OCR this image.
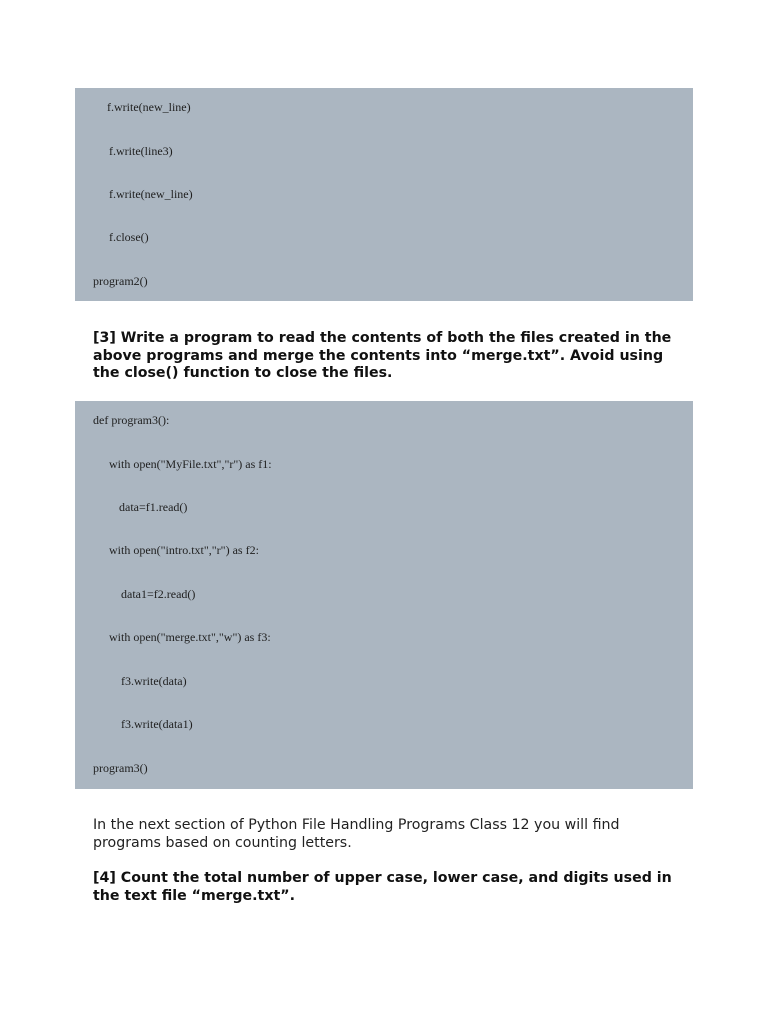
f.write(new_line)
f.write(line3)
f.write(new_line)
f.close()
program2()

[3] Write a program to read the contents of both the files created in the above programs and merge the contents into “merge.txt”. Avoid using the close() function to close the files.

def program3():
with open("MyFile.txt","r") as f1:
data=f1.read()
with open("intro.txt","r") as f2:
data1=f2.read()
with open("merge.txt","w") as f3:
f3.write(data)
f3.write(data1)
program3()

In the next section of Python File Handling Programs Class 12 you will find programs based on counting letters.

[4] Count the total number of upper case, lower case, and digits used in the text file “merge.txt”.
